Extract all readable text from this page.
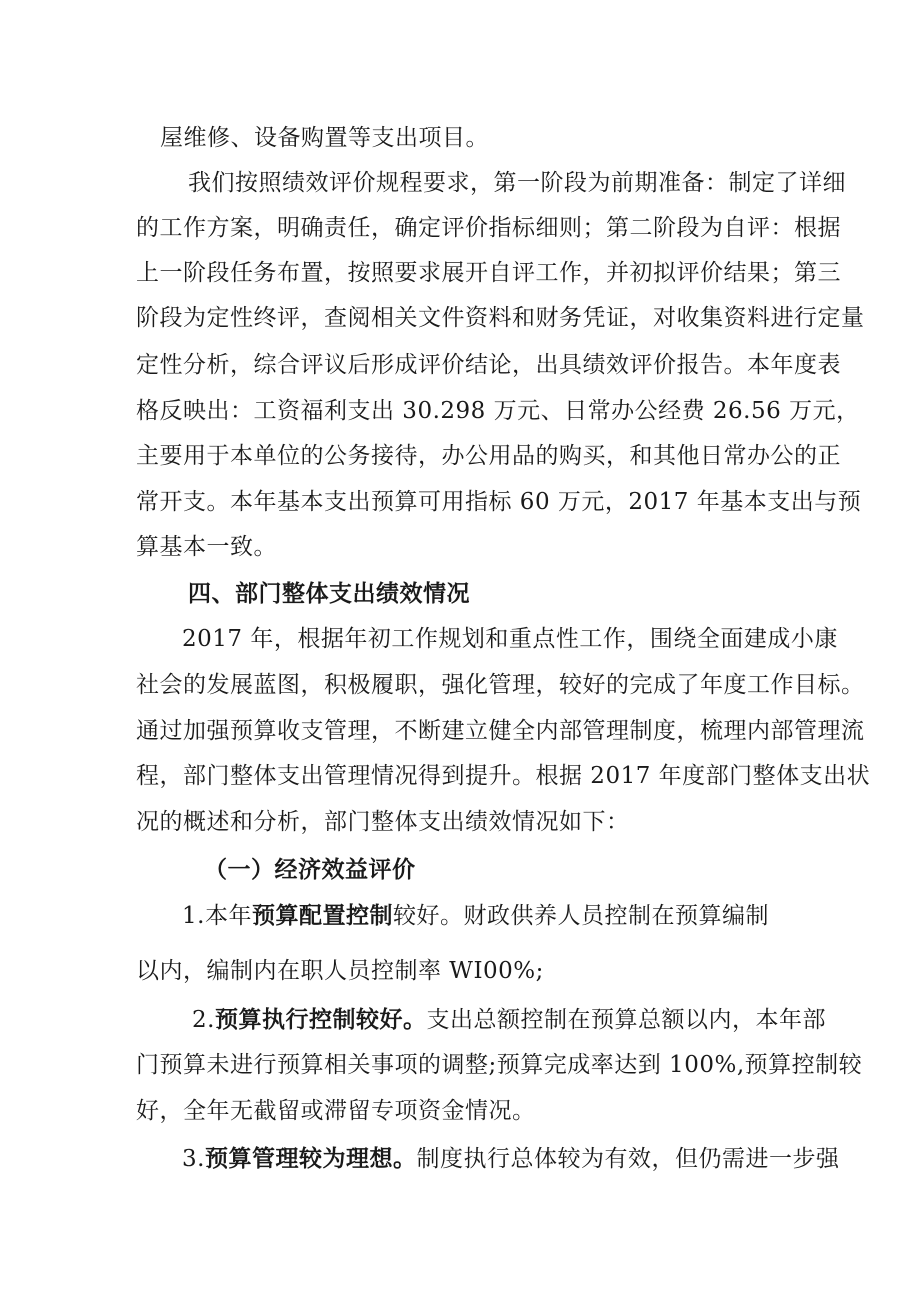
屋维修、设备购置等支出项目。
我们按照绩效评价规程要求，第一阶段为前期准备：制定了详细
的工作方案，明确责任，确定评价指标细则；第二阶段为自评：根据
上一阶段任务布置，按照要求展开自评工作，并初拟评价结果；第三
阶段为定性终评，查阅相关文件资料和财务凭证，对收集资料进行定量
定性分析，综合评议后形成评价结论，出具绩效评价报告。本年度表
格反映出：工资福利支出 30.298 万元、日常办公经费 26.56 万元，
主要用于本单位的公务接待，办公用品的购买，和其他日常办公的正
常开支。本年基本支出预算可用指标 60 万元，2017 年基本支出与预
算基本一致。
四、部门整体支出绩效情况
2017 年，根据年初工作规划和重点性工作，围绕全面建成小康
社会的发展蓝图，积极履职，强化管理，较好的完成了年度工作目标。
通过加强预算收支管理，不断建立健全内部管理制度，梳理内部管理流
程，部门整体支出管理情况得到提升。根据 2017 年度部门整体支出状
况的概述和分析，部门整体支出绩效情况如下：
（一）经济效益评价
1.本年预算配置控制较好。财政供养人员控制在预算编制
以内，编制内在职人员控制率 WI00%;
2.预算执行控制较好。支出总额控制在预算总额以内，本年部
门预算未进行预算相关事项的调整;预算完成率达到 100%,预算控制较
好，全年无截留或滞留专项资金情况。
3.预算管理较为理想。制度执行总体较为有效，但仍需进一步强
